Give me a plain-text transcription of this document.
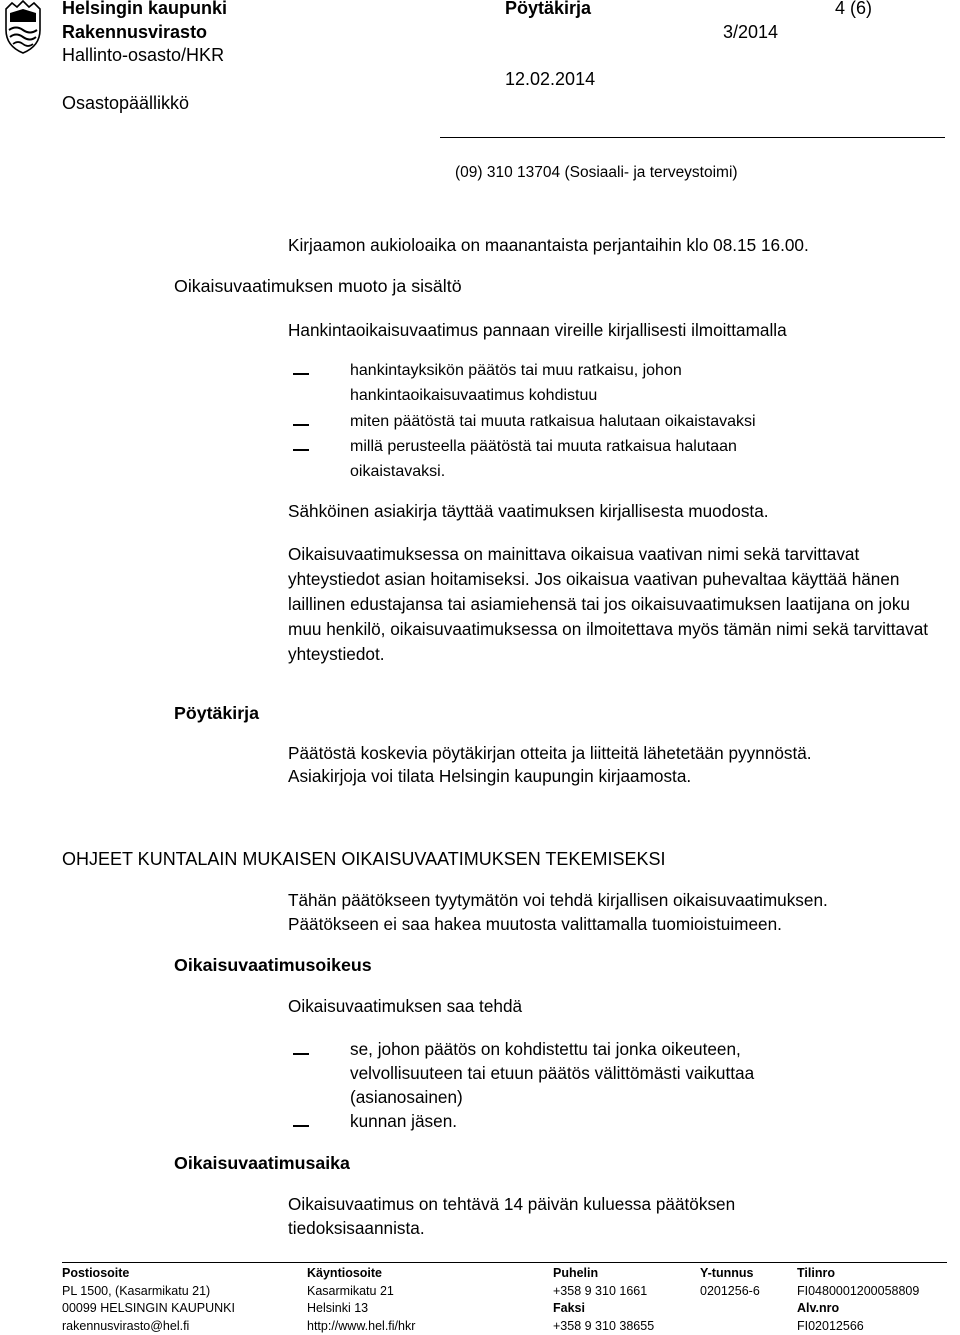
Helsingin kaupunki
Rakennusvirasto
Hallinto-osasto/HKR
Osastopäällikkö
Pöytäkirja
3/2014
12.02.2014
4 (6)
(09) 310 13704 (Sosiaali- ja terveystoimi)
Kirjaamon aukioloaika on maanantaista perjantaihin klo 08.15 16.00.
Oikaisuvaatimuksen muoto ja sisältö
Hankintaoikaisuvaatimus pannaan vireille kirjallisesti ilmoittamalla
hankintayksikön päätös tai muu ratkaisu, johon
hankintaoikaisuvaatimus kohdistuu
miten päätöstä tai muuta ratkaisua halutaan oikaistavaksi
millä perusteella päätöstä tai muuta ratkaisua halutaan
oikaistavaksi.
Sähköinen asiakirja täyttää vaatimuksen kirjallisesta muodosta.
Oikaisuvaatimuksessa on mainittava oikaisua vaativan nimi sekä tarvittavat yhteystiedot asian hoitamiseksi. Jos oikaisua vaativan puhevaltaa käyttää hänen laillinen edustajansa tai asiamiehensä tai jos oikaisuvaatimuksen laatijana on joku muu henkilö, oikaisuvaatimuksessa on ilmoitettava myös tämän nimi sekä tarvittavat yhteystiedot.
Pöytäkirja
Päätöstä koskevia pöytäkirjan otteita ja liitteitä lähetetään pyynnöstä.
Asiakirjoja voi tilata Helsingin kaupungin kirjaamosta.
OHJEET KUNTALAIN MUKAISEN OIKAISUVAATIMUKSEN TEKEMISEKSI
Tähän päätökseen tyytymätön voi tehdä kirjallisen oikaisuvaatimuksen.
Päätökseen ei saa hakea muutosta valittamalla tuomioistuimeen.
Oikaisuvaatimusoikeus
Oikaisuvaatimuksen saa tehdä
se, johon päätös on kohdistettu tai jonka oikeuteen,
velvollisuuteen tai etuun päätös välittömästi vaikuttaa
(asianosainen)
kunnan jäsen.
Oikaisuvaatimusaika
Oikaisuvaatimus on tehtävä 14 päivän kuluessa päätöksen
tiedoksisaannista.
Postiosoite
PL 1500, (Kasarmikatu 21)
00099 HELSINGIN KAUPUNKI
rakennusvirasto@hel.fi
Käyntiosoite
Kasarmikatu 21
Helsinki 13
http://www.hel.fi/hkr
Puhelin
+358 9 310 1661
Faksi
+358 9 310 38655
Y-tunnus
0201256-6
Tilinro
FI0480001200058809
Alv.nro
FI02012566
